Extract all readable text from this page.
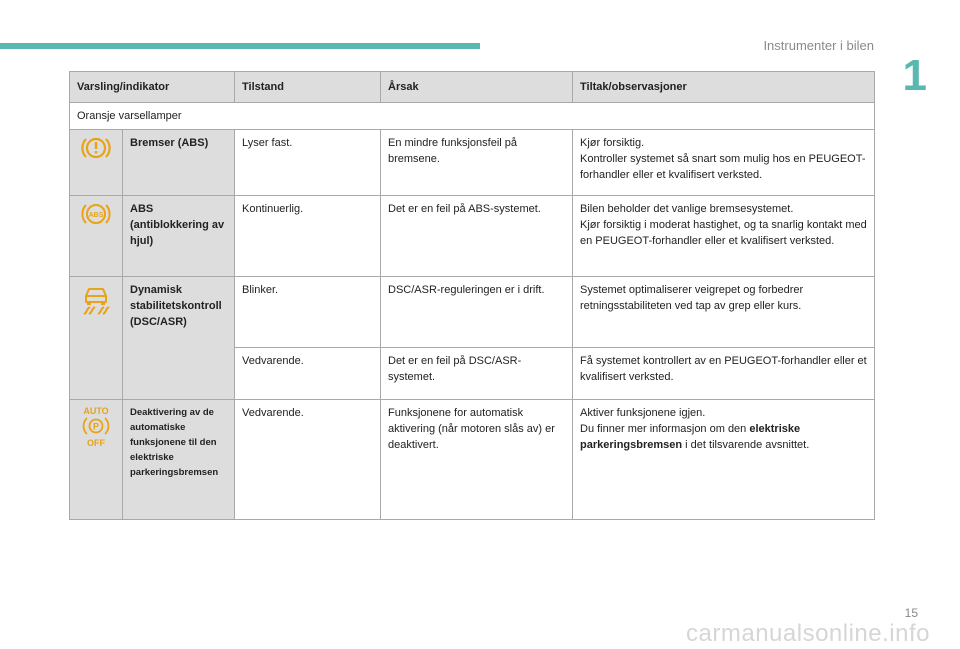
Instrumenter i bilen
1
Varsling/indikator		Tilstand	Årsak	Tiltak/observasjoner
Oransje varsellamper				

	Bremser (ABS)	Lyser fast.	En mindre funksjonsfeil på bremsene.	Kjør forsiktig.
Kontroller systemet så snart som mulig hos en PEUGEOT-forhandler eller et kvalifisert verksted.

ABS	ABS (antiblokkering av hjul)	Kontinuerlig.	Det er en feil på ABS-systemet.	Bilen beholder det vanlige bremsesystemet.
Kjør forsiktig i moderat hastighet, og ta snarlig kontakt med en PEUGEOT-forhandler eller et kvalifisert verksted.

	Dynamisk stabilitetskontroll (DSC/ASR)	Blinker.	DSC/ASR-reguleringen er i drift.	Systemet optimaliserer veigrepet og forbedrer retningsstabiliteten ved tap av grep eller kurs.
		Vedvarende.	Det er en feil på DSC/ASR-systemet.	Få systemet kontrollert av en PEUGEOT-forhandler eller et kvalifisert verksted.

AUTO
P
OFF	Deaktivering av de automatiske funksjonene til den elektriske parkeringsbremsen	Vedvarende.	Funksjonene for automatisk aktivering (når motoren slås av) er deaktivert.	Aktiver funksjonene igjen.
Du finner mer informasjon om den elektriske parkeringsbremsen i det tilsvarende avsnittet.
15
carmanualsonline.info
